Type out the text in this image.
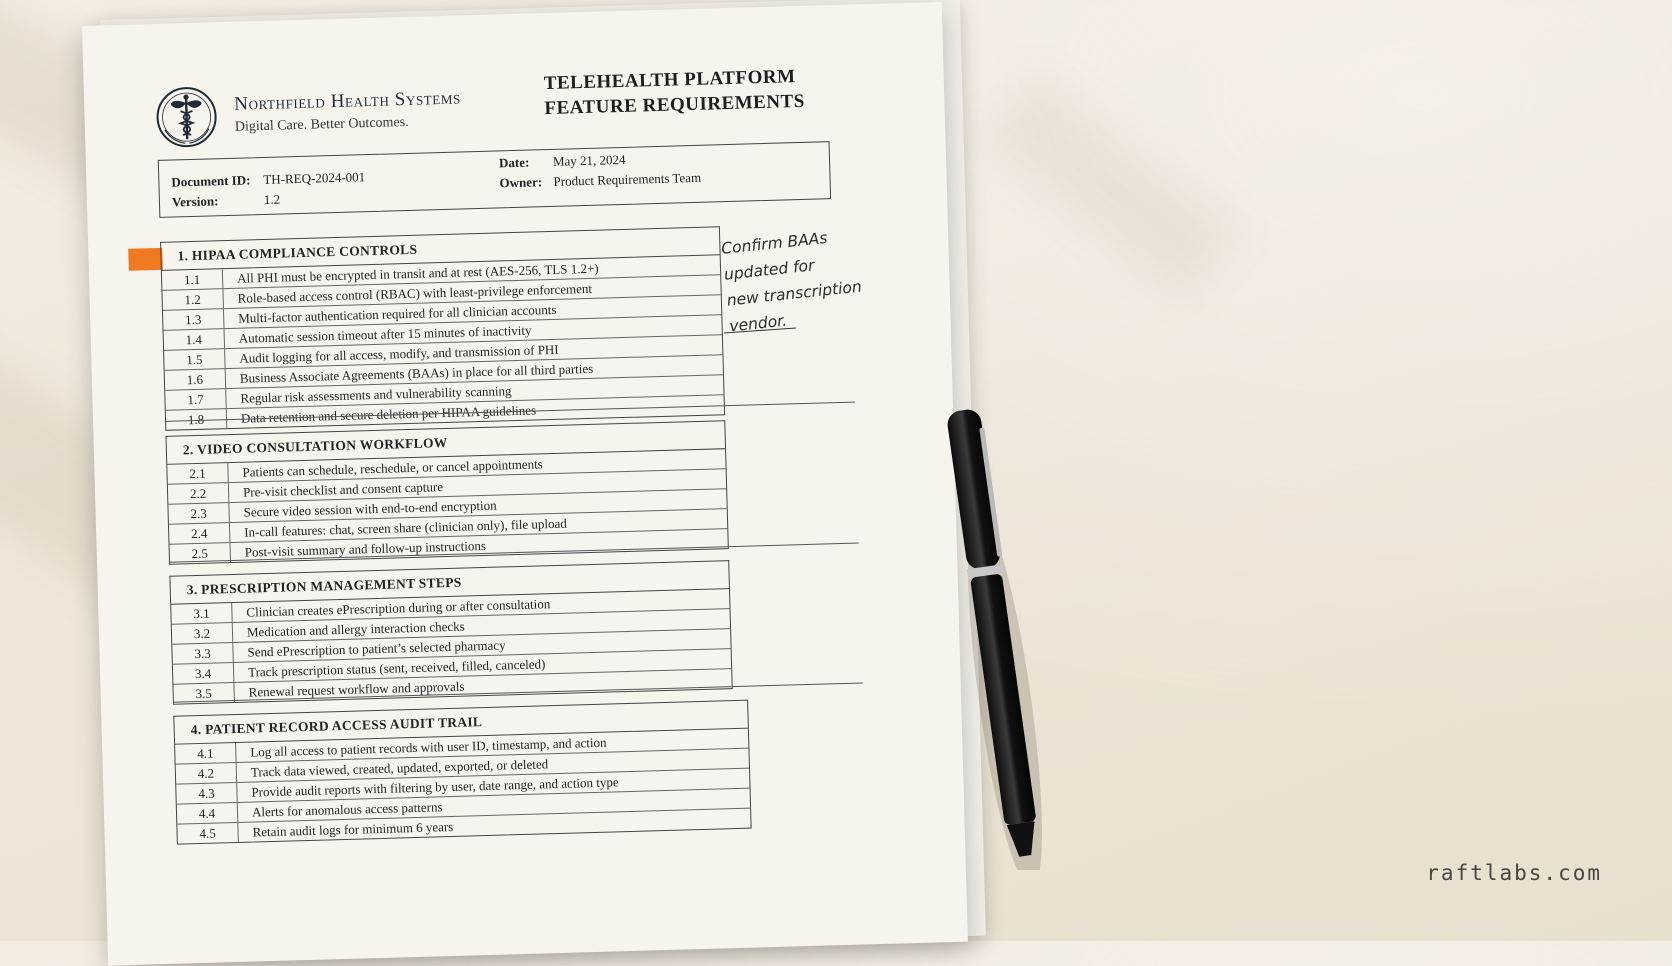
Northfield Health Systems
Digital Care. Better Outcomes.
TELEHEALTH PLATFORM
FEATURE REQUIREMENTS
Document ID: TH-REQ-2024-001
Version:	1.2
Date: May 21, 2024
Owner: Product Requirements Team
1. HIPAA COMPLIANCE CONTROLS
1.1	All PHI must be encrypted in transit and at rest (AES-256, TLS 1.2+)
1.2	Role-based access control (RBAC) with least-privilege enforcement
1.3	Multi-factor authentication required for all clinician accounts
1.4	Automatic session timeout after 15 minutes of inactivity
1.5	Audit logging for all access, modify, and transmission of PHI
1.6	Business Associate Agreements (BAAs) in place for all third parties
1.7	Regular risk assessments and vulnerability scanning
1.8	Data retention and secure deletion per HIPAA guidelines
2. VIDEO CONSULTATION WORKFLOW
2.1	Patients can schedule, reschedule, or cancel appointments
2.2	Pre-visit checklist and consent capture
2.3	Secure video session with end-to-end encryption
2.4	In-call features: chat, screen share (clinician only), file upload
2.5	Post-visit summary and follow-up instructions
3. PRESCRIPTION MANAGEMENT STEPS
3.1	Clinician creates ePrescription during or after consultation
3.2	Medication and allergy interaction checks
3.3	Send ePrescription to patient’s selected pharmacy
3.4	Track prescription status (sent, received, filled, canceled)
3.5	Renewal request workflow and approvals
4. PATIENT RECORD ACCESS AUDIT TRAIL
4.1	Log all access to patient records with user ID, timestamp, and action
4.2	Track data viewed, created, updated, exported, or deleted
4.3	Provide audit reports with filtering by user, date range, and action type
4.4	Alerts for anomalous access patterns
4.5	Retain audit logs for minimum 6 years
Confirm BAAs
updated for
new transcription
vendor.
raftlabs.com
